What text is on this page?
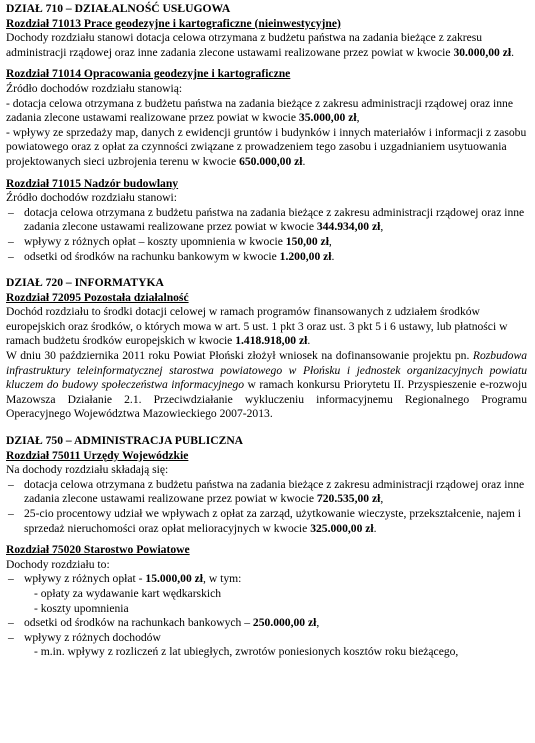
DZIAŁ 710 – DZIAŁALNOŚĆ USŁUGOWA

Rozdział 71013 Prace geodezyjne i kartograficzne (nieinwestycyjne)

Dochody rozdziału stanowi dotacja celowa otrzymana z budżetu państwa na zadania bieżące z zakresu administracji rządowej oraz inne zadania zlecone ustawami realizowane przez powiat w kwocie 30.000,00 zł.

Rozdział 71014 Opracowania geodezyjne i kartograficzne

Źródło dochodów rozdziału stanowią:

- dotacja celowa otrzymana z budżetu państwa na zadania bieżące z zakresu administracji rządowej oraz inne zadania zlecone ustawami realizowane przez powiat w kwocie 35.000,00 zł,

- wpływy ze sprzedaży map, danych z ewidencji gruntów i budynków i innych materiałów i informacji z zasobu powiatowego oraz z opłat za czynności związane z prowadzeniem tego zasobu i uzgadnianiem usytuowania projektowanych sieci uzbrojenia terenu w kwocie 650.000,00 zł.

Rozdział 71015 Nadzór budowlany

Źródło dochodów rozdziału stanowi:

– dotacja celowa otrzymana z budżetu państwa na zadania bieżące z zakresu administracji rządowej oraz inne zadania zlecone ustawami realizowane przez powiat w kwocie 344.934,00 zł,

– wpływy z różnych opłat – koszty upomnienia w kwocie 150,00 zł,

– odsetki od środków na rachunku bankowym w kwocie 1.200,00 zł.

DZIAŁ 720 – INFORMATYKA

Rozdział 72095 Pozostała działalność

Dochód rozdziału to środki dotacji celowej w ramach programów finansowanych z udziałem środków europejskich oraz środków, o których mowa w art. 5 ust. 1 pkt 3 oraz ust. 3 pkt 5 i 6 ustawy, lub płatności w ramach budżetu środków europejskich w kwocie 1.418.918,00 zł.

W dniu 30 października 2011 roku Powiat Płoński złożył wniosek na dofinansowanie projektu pn. Rozbudowa infrastruktury teleinformatycznej starostwa powiatowego w Płońsku i jednostek organizacyjnych powiatu kluczem do budowy społeczeństwa informacyjnego w ramach konkursu Priorytetu II. Przyspieszenie e-rozwoju Mazowsza Działanie 2.1. Przeciwdziałanie wykluczeniu informacyjnemu Regionalnego Programu Operacyjnego Województwa Mazowieckiego 2007-2013.

DZIAŁ 750 – ADMINISTRACJA PUBLICZNA

Rozdział 75011 Urzędy Wojewódzkie

Na dochody rozdziału składają się:

– dotacja celowa otrzymana z budżetu państwa na zadania bieżące z zakresu administracji rządowej oraz inne zadania zlecone ustawami realizowane przez powiat w kwocie 720.535,00 zł,

– 25-cio procentowy udział we wpływach z opłat za zarząd, użytkowanie wieczyste, przekształcenie, najem i sprzedaż nieruchomości oraz opłat melioracyjnych w kwocie 325.000,00 zł.

Rozdział 75020 Starostwo Powiatowe

Dochody rozdziału to:

– wpływy z różnych opłat - 15.000,00 zł, w tym:

- opłaty za wydawanie kart wędkarskich

- koszty upomnienia

– odsetki od środków na rachunkach bankowych – 250.000,00 zł,

– wpływy z różnych dochodów

- m.in. wpływy z rozliczeń z lat ubiegłych, zwrotów poniesionych kosztów roku bieżącego,
